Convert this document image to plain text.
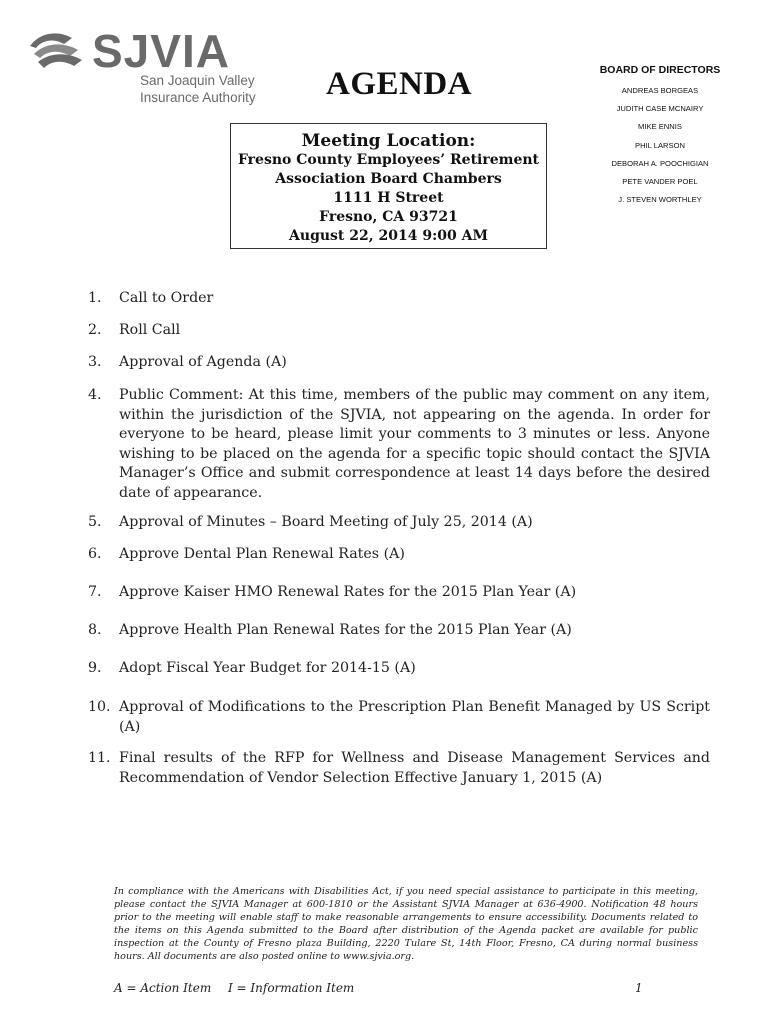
SJVIA
San Joaquin Valley
Insurance Authority AGENDA	BOARD OF DIRECTORS
ANDREAS BORGEAS
JUDITH CASE MCNAIRY
MIKE ENNIS
PHIL LARSON
DEBORAH A. POOCHIGIAN
PETE VANDER POEL
J. STEVEN WORTHLEY
Meeting Location:
Fresno County Employees’ Retirement
Association Board Chambers
1111 H Street
Fresno, CA 93721
August 22, 2014 9:00 AM
1.	Call to Order
2.	Roll Call
3.	Approval of Agenda (A)
4.	Public Comment: At this time, members of the public may comment on any item, within the jurisdiction of the SJVIA, not appearing on the agenda. In order for everyone to be heard, please limit your comments to 3 minutes or less. Anyone wishing to be placed on the agenda for a specific topic should contact the SJVIA Manager’s Office and submit correspondence at least 14 days before the desired date of appearance.
5.	Approval of Minutes – Board Meeting of July 25, 2014 (A)
6.	Approve Dental Plan Renewal Rates (A)
7.	Approve Kaiser HMO Renewal Rates for the 2015 Plan Year (A)
8.	Approve Health Plan Renewal Rates for the 2015 Plan Year (A)
9.	Adopt Fiscal Year Budget for 2014-15 (A)
10. Approval of Modifications to the Prescription Plan Benefit Managed by US Script (A)
11. Final results of the RFP for Wellness and Disease Management Services and Recommendation of Vendor Selection Effective January 1, 2015 (A)
In compliance with the Americans with Disabilities Act, if you need special assistance to participate in this meeting, please contact the SJVIA Manager at 600-1810 or the Assistant SJVIA Manager at 636-4900. Notification 48 hours prior to the meeting will enable staff to make reasonable arrangements to ensure accessibility. Documents related to the items on this Agenda submitted to the Board after distribution of the Agenda packet are available for public inspection at the County of Fresno plaza Building, 2220 Tulare St, 14th Floor, Fresno, CA during normal business hours. All documents are also posted online to www.sjvia.org.
A = Action Item I = Information Item	1
